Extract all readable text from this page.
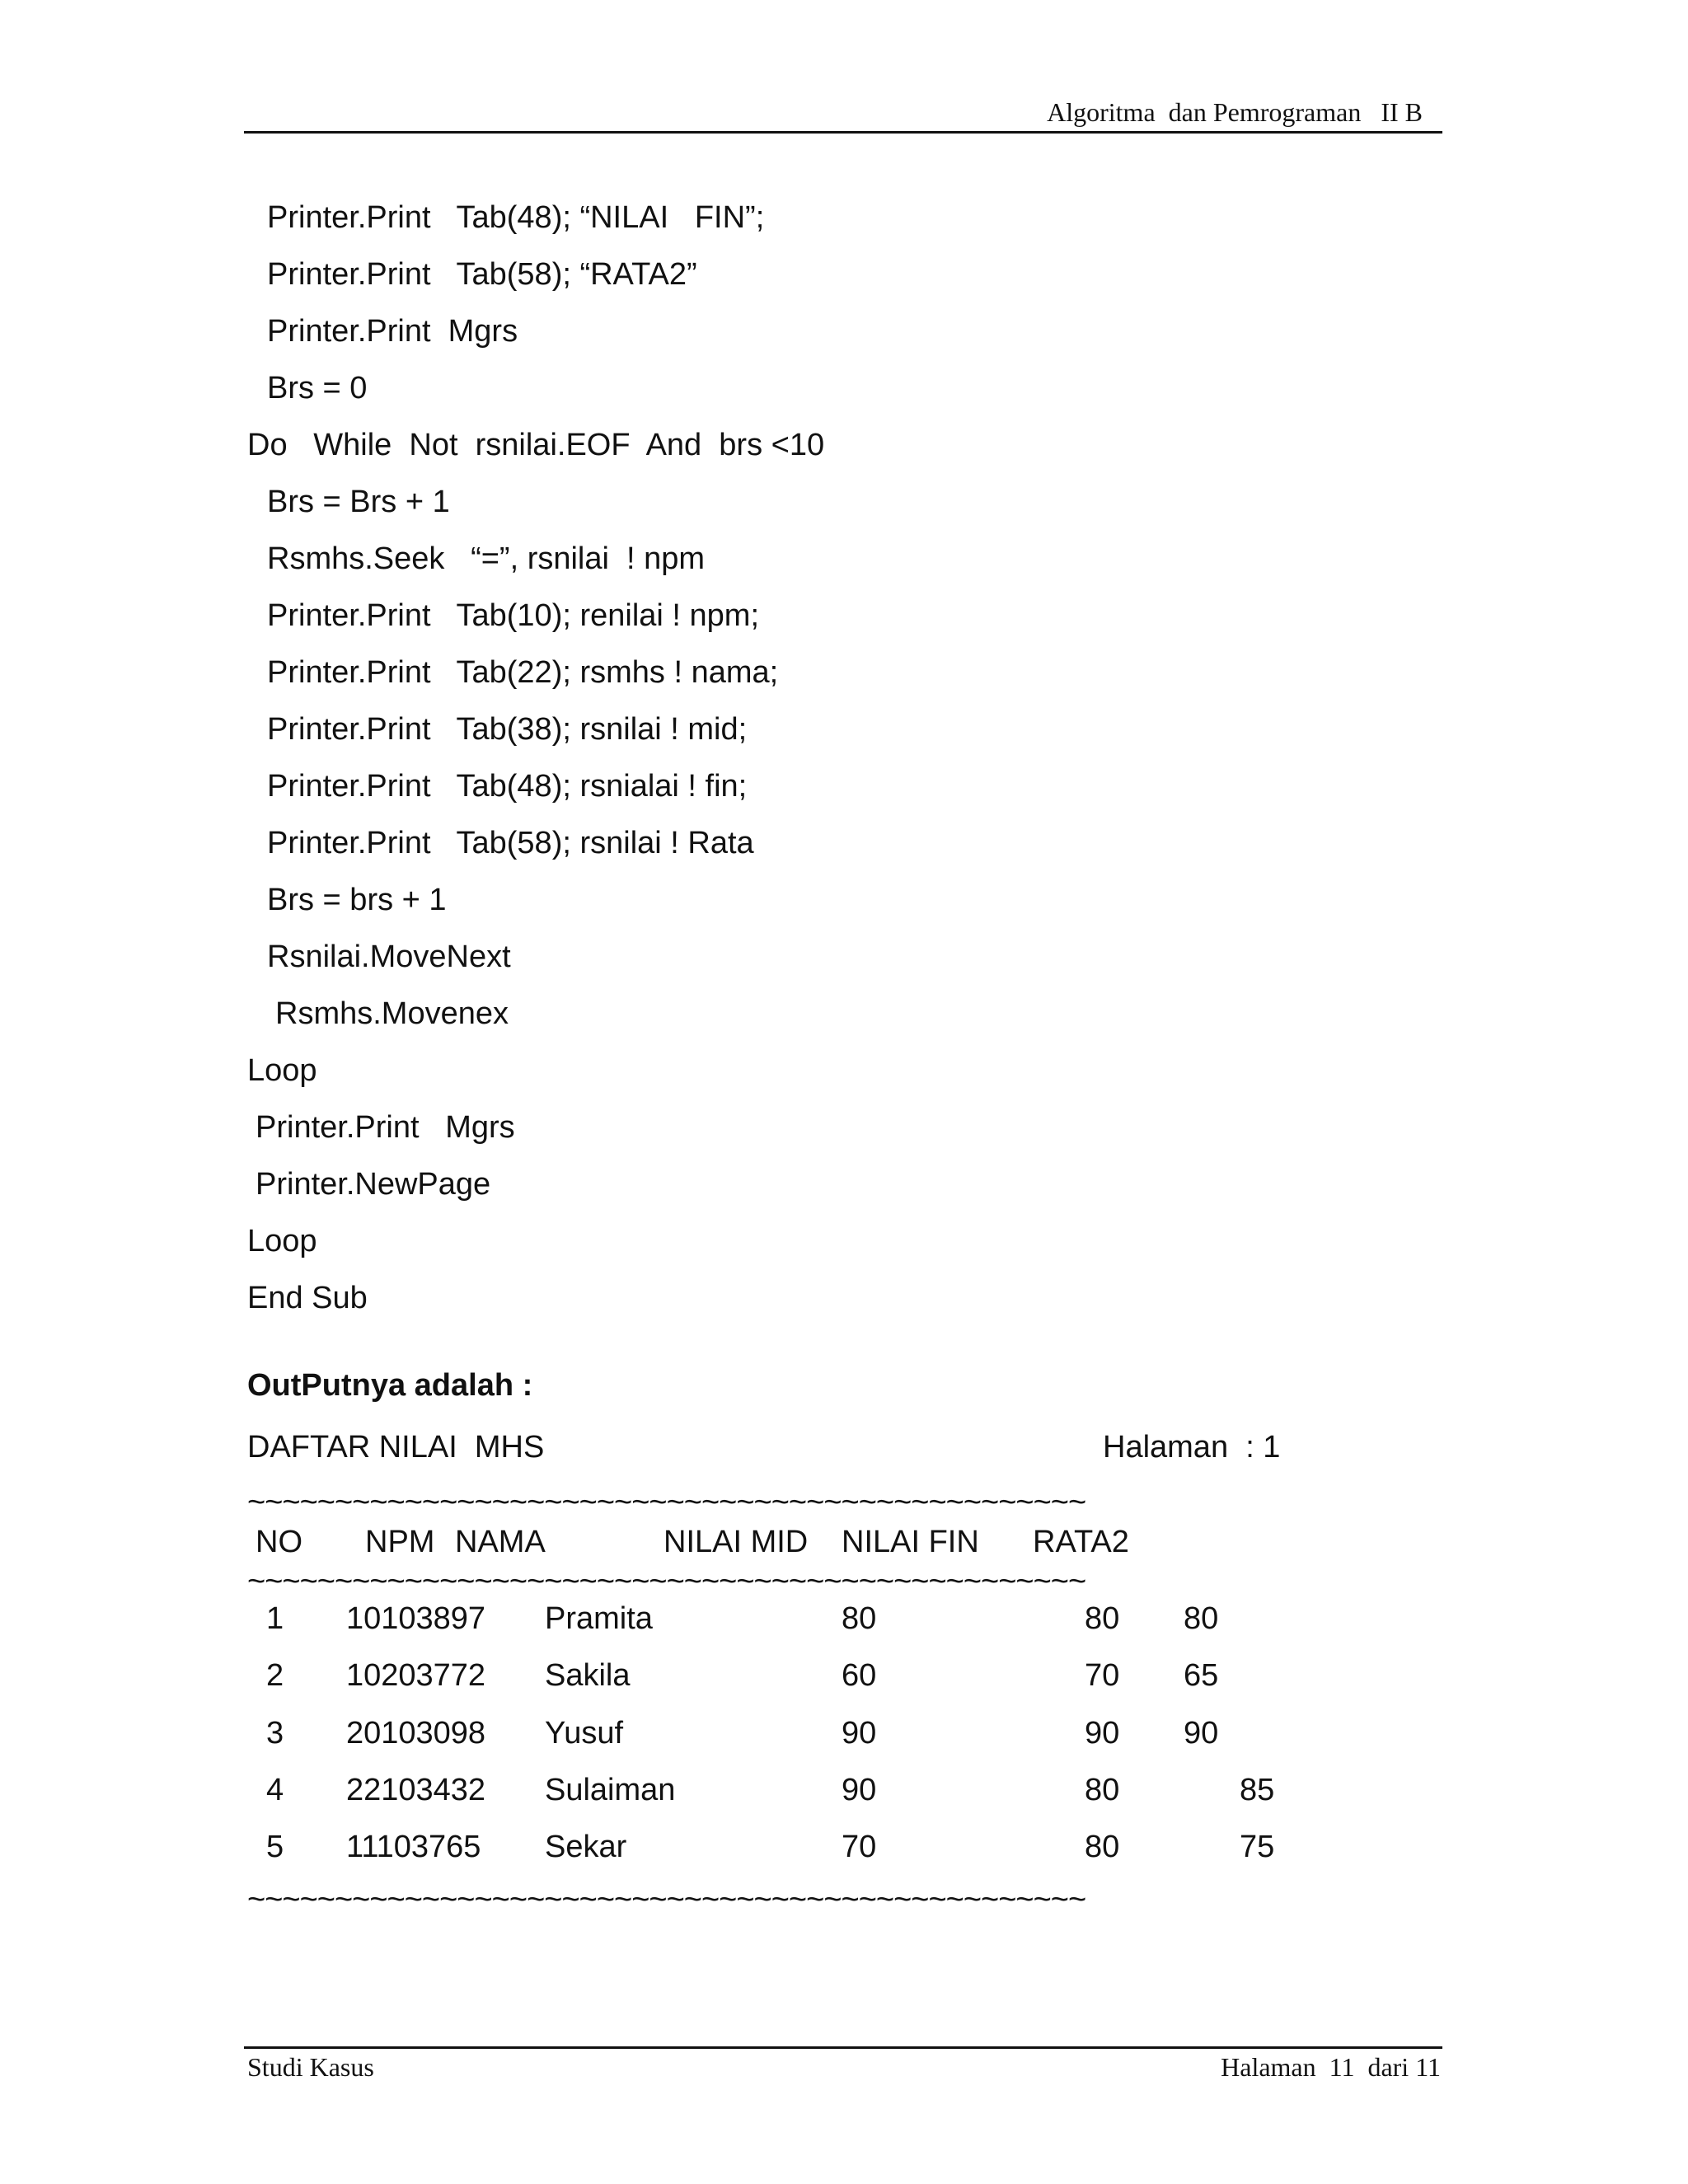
Algoritma  dan Pemrograman   II B
Printer.Print   Tab(48); “NILAI   FIN”;
Printer.Print   Tab(58); “RATA2”
Printer.Print  Mgrs
Brs = 0
Do   While  Not  rsnilai.EOF  And  brs <10
Brs = Brs + 1
Rsmhs.Seek   “=”, rsnilai  ! npm
Printer.Print   Tab(10); renilai ! npm;
Printer.Print   Tab(22); rsmhs ! nama;
Printer.Print   Tab(38); rsnilai ! mid;
Printer.Print   Tab(48); rsnialai ! fin;
Printer.Print   Tab(58); rsnilai ! Rata
Brs = brs + 1
Rsnilai.MoveNext
Rsmhs.Movenex
Loop
Printer.Print   Mgrs
Printer.NewPage
Loop
End Sub
OutPutnya adalah :
DAFTAR NILAI  MHS	Halaman  : 1
~~~~~~~~~~~~~~~~~~~~~~~~~~~~~~~~~~~~~~~~~~~~~~~~
NO NPM NAMA	NILAI MID NILAI FIN RATA2
~~~~~~~~~~~~~~~~~~~~~~~~~~~~~~~~~~~~~~~~~~~~~~~~
1 10103897 Pramita	80	80 80
2 10203772 Sakila	60	70 65
3 20103098 Yusuf	90	90 90
4 22103432 Sulaiman	90	80	85
5 11103765 Sekar	70	80	75
~~~~~~~~~~~~~~~~~~~~~~~~~~~~~~~~~~~~~~~~~~~~~~~~
Studi Kasus	Halaman  11  dari 11
